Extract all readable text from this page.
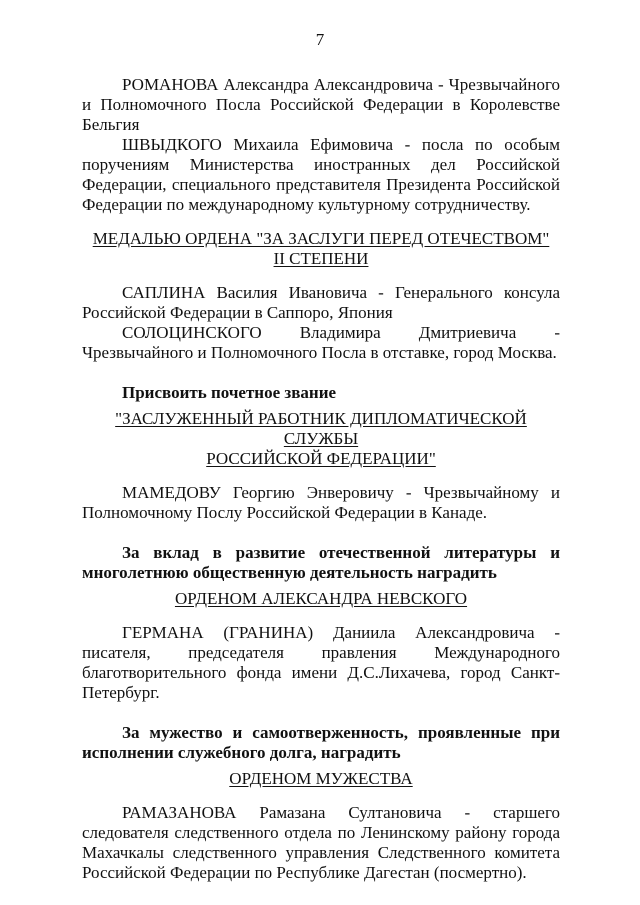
7

РОМАНОВА Александра Александровича - Чрезвычайного и Полномочного Посла Российской Федерации в Королевстве Бельгия

ШВЫДКОГО Михаила Ефимовича - посла по особым поручениям Министерства иностранных дел Российской Федерации, специального представителя Президента Российской Федерации по международному культурному сотрудничеству.

МЕДАЛЬЮ ОРДЕНА "ЗА ЗАСЛУГИ ПЕРЕД ОТЕЧЕСТВОМ"

II СТЕПЕНИ

САПЛИНА Василия Ивановича - Генерального консула Российской Федерации в Саппоро, Япония

СОЛОЦИНСКОГО Владимира Дмитриевича - Чрезвычайного и Полномочного Посла в отставке, город Москва.

Присвоить почетное звание

"ЗАСЛУЖЕННЫЙ РАБОТНИК ДИПЛОМАТИЧЕСКОЙ СЛУЖБЫ

РОССИЙСКОЙ ФЕДЕРАЦИИ"

МАМЕДОВУ Георгию Энверовичу - Чрезвычайному и Полномочному Послу Российской Федерации в Канаде.

За вклад в развитие отечественной литературы и многолетнюю общественную деятельность наградить

ОРДЕНОМ АЛЕКСАНДРА НЕВСКОГО

ГЕРМАНА (ГРАНИНА) Даниила Александровича - писателя, председателя правления Международного благотворительного фонда имени Д.С.Лихачева, город Санкт-Петербург.

За мужество и самоотверженность, проявленные при исполнении служебного долга, наградить

ОРДЕНОМ МУЖЕСТВА

РАМАЗАНОВА Рамазана Султановича - старшего следователя следственного отдела по Ленинскому району города Махачкалы следственного управления Следственного комитета Российской Федерации по Республике Дагестан (посмертно).
